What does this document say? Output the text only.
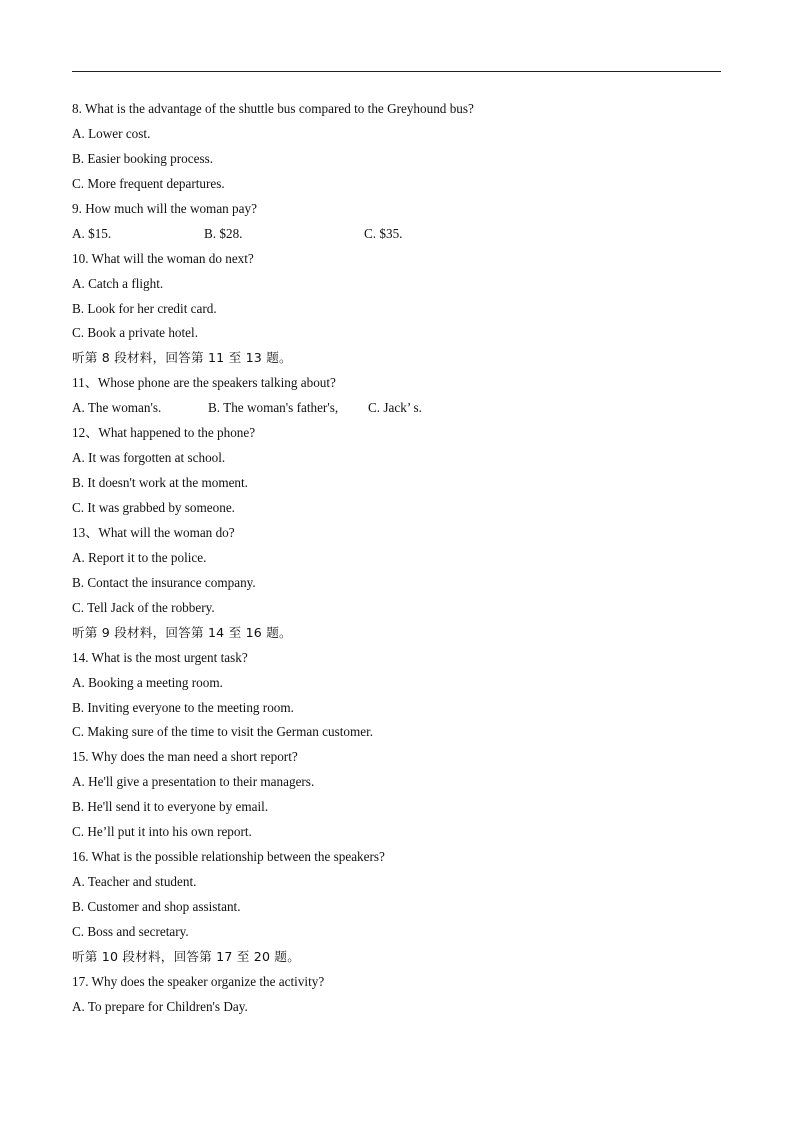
8. What is the advantage of the shuttle bus compared to the Greyhound bus?
A. Lower cost.
B. Easier booking process.
C. More frequent departures.
9. How much will the woman pay?
A. $15.	B. $28.	C. $35.
10. What will the woman do next?
A. Catch a flight.
B. Look for her credit card.
C. Book a private hotel.
听第 8 段材料，回答第 11 至 13 题。
11、Whose phone are the speakers talking about?
A. The woman's.	B. The woman's father's,	C. Jack’ s.
12、What happened to the phone?
A. It was forgotten at school.
B. It doesn't work at the moment.
C. It was grabbed by someone.
13、What will the woman do?
A. Report it to the police.
B. Contact the insurance company.
C. Tell Jack of the robbery.
听第 9 段材料，回答第 14 至 16 题。
14. What is the most urgent task?
A. Booking a meeting room.
B. Inviting everyone to the meeting room.
C. Making sure of the time to visit the German customer.
15. Why does the man need a short report?
A. He'll give a presentation to their managers.
B. He'll send it to everyone by email.
C. He’ll put it into his own report.
16. What is the possible relationship between the speakers?
A. Teacher and student.
B. Customer and shop assistant.
C. Boss and secretary.
听第 10 段材料，回答第 17 至 20 题。
17. Why does the speaker organize the activity?
A. To prepare for Children's Day.
